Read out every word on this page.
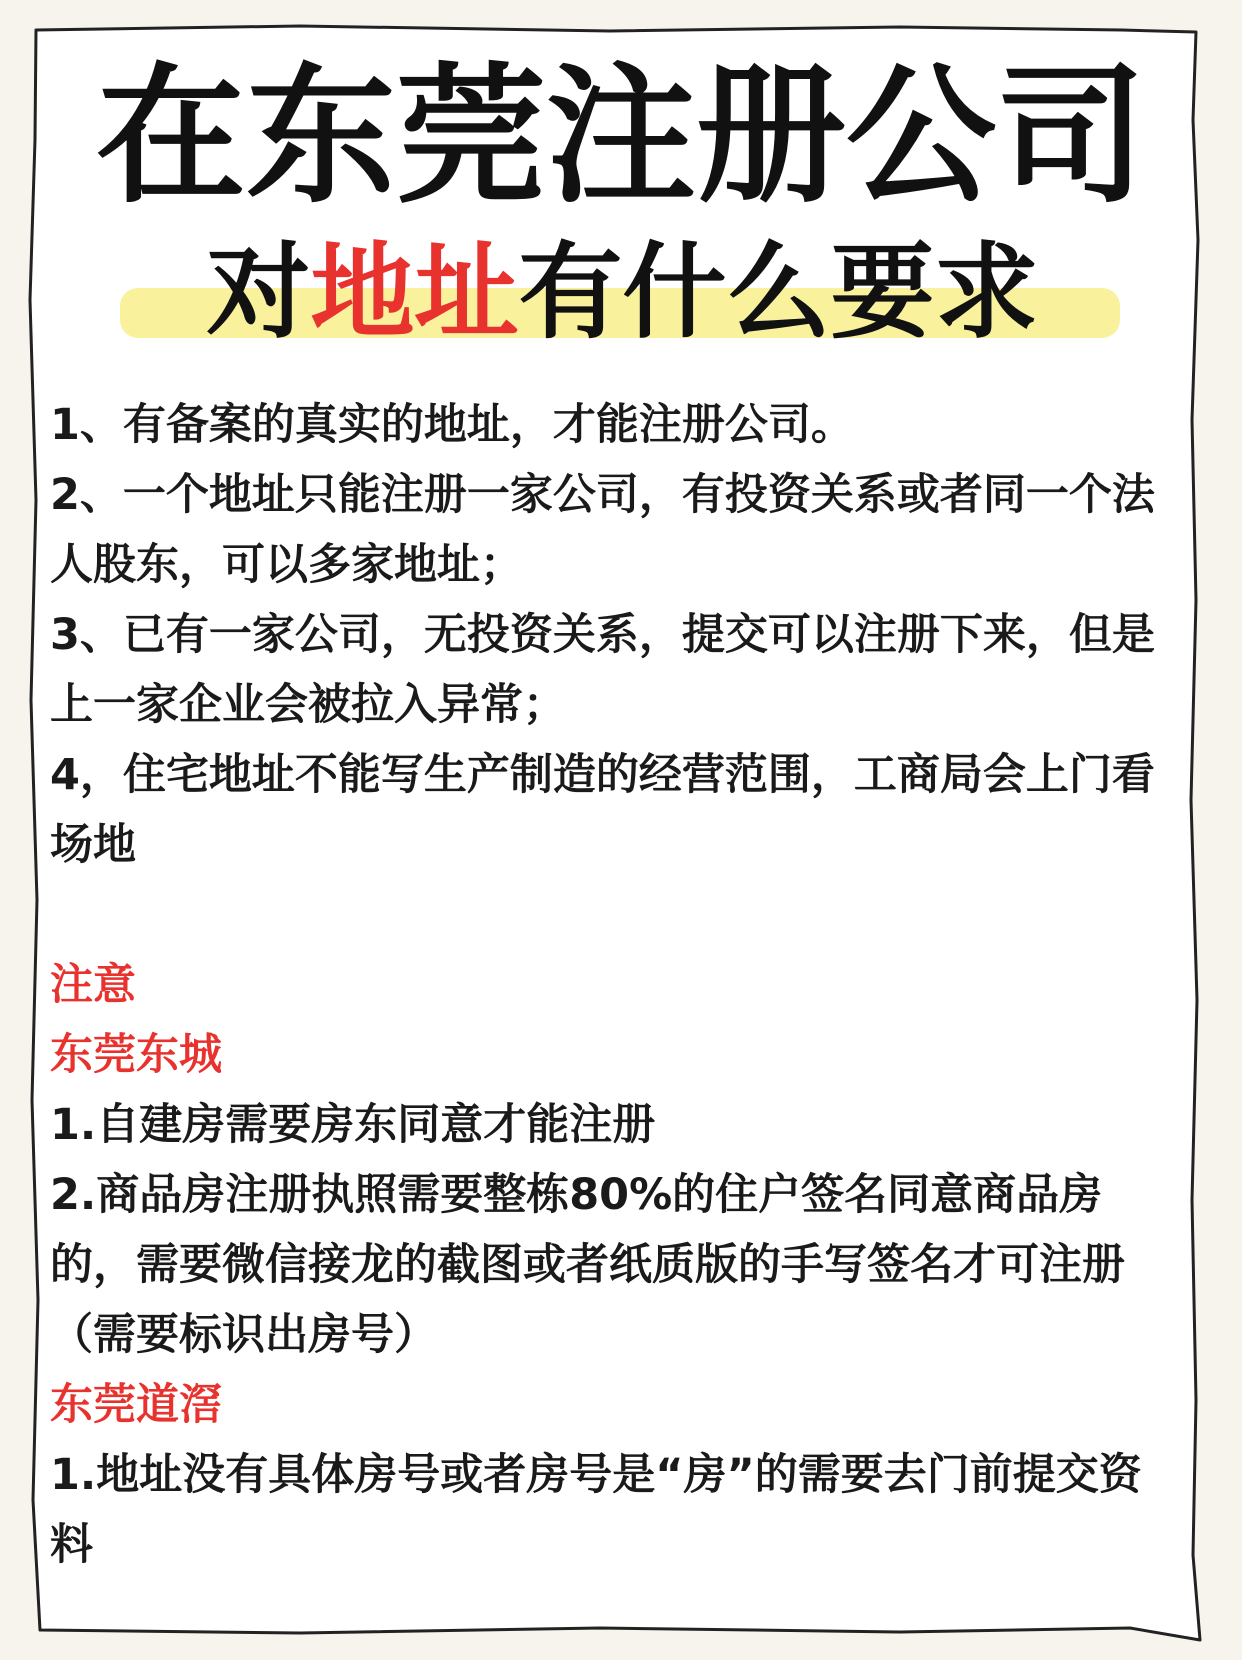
在东莞注册公司
对地址有什么要求

1、有备案的真实的地址，才能注册公司。

2、一个地址只能注册一家公司，有投资关系或者同一个法人股东，可以多家地址；

3、已有一家公司，无投资关系，提交可以注册下来，但是上一家企业会被拉入异常；

4，住宅地址不能写生产制造的经营范围，工商局会上门看场地

注意

东莞东城

1.自建房需要房东同意才能注册

2.商品房注册执照需要整栋80%的住户签名同意商品房的，需要微信接龙的截图或者纸质版的手写签名才可注册（需要标识出房号）

东莞道滘

1.地址没有具体房号或者房号是“房”的需要去门前提交资料
